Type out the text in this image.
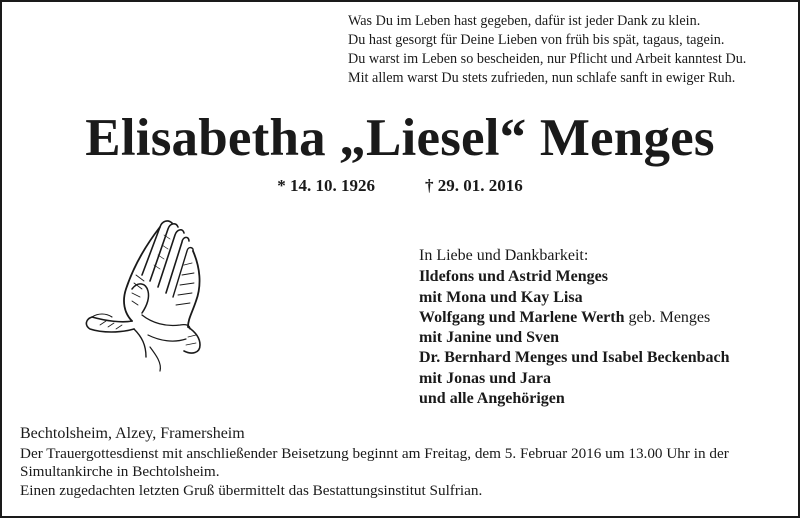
Was Du im Leben hast gegeben, dafür ist jeder Dank zu klein.
Du hast gesorgt für Deine Lieben von früh bis spät, tagaus, tagein.
Du warst im Leben so bescheiden, nur Pflicht und Arbeit kanntest Du.
Mit allem warst Du stets zufrieden, nun schlafe sanft in ewiger Ruh.
Elisabetha „Liesel“ Menges
* 14. 10. 1926	† 29. 01. 2016
In Liebe und Dankbarkeit:
Ildefons und Astrid Menges
mit Mona und Kay Lisa
Wolfgang und Marlene Werth geb. Menges
mit Janine und Sven
Dr. Bernhard Menges und Isabel Beckenbach
mit Jonas und Jara
und alle Angehörigen
Bechtolsheim, Alzey, Framersheim
Der Trauergottesdienst mit anschließender Beisetzung beginnt am Freitag, dem 5. Februar 2016 um 13.00 Uhr in der
Simultankirche in Bechtolsheim.
Einen zugedachten letzten Gruß übermittelt das Bestattungsinstitut Sulfrian.
